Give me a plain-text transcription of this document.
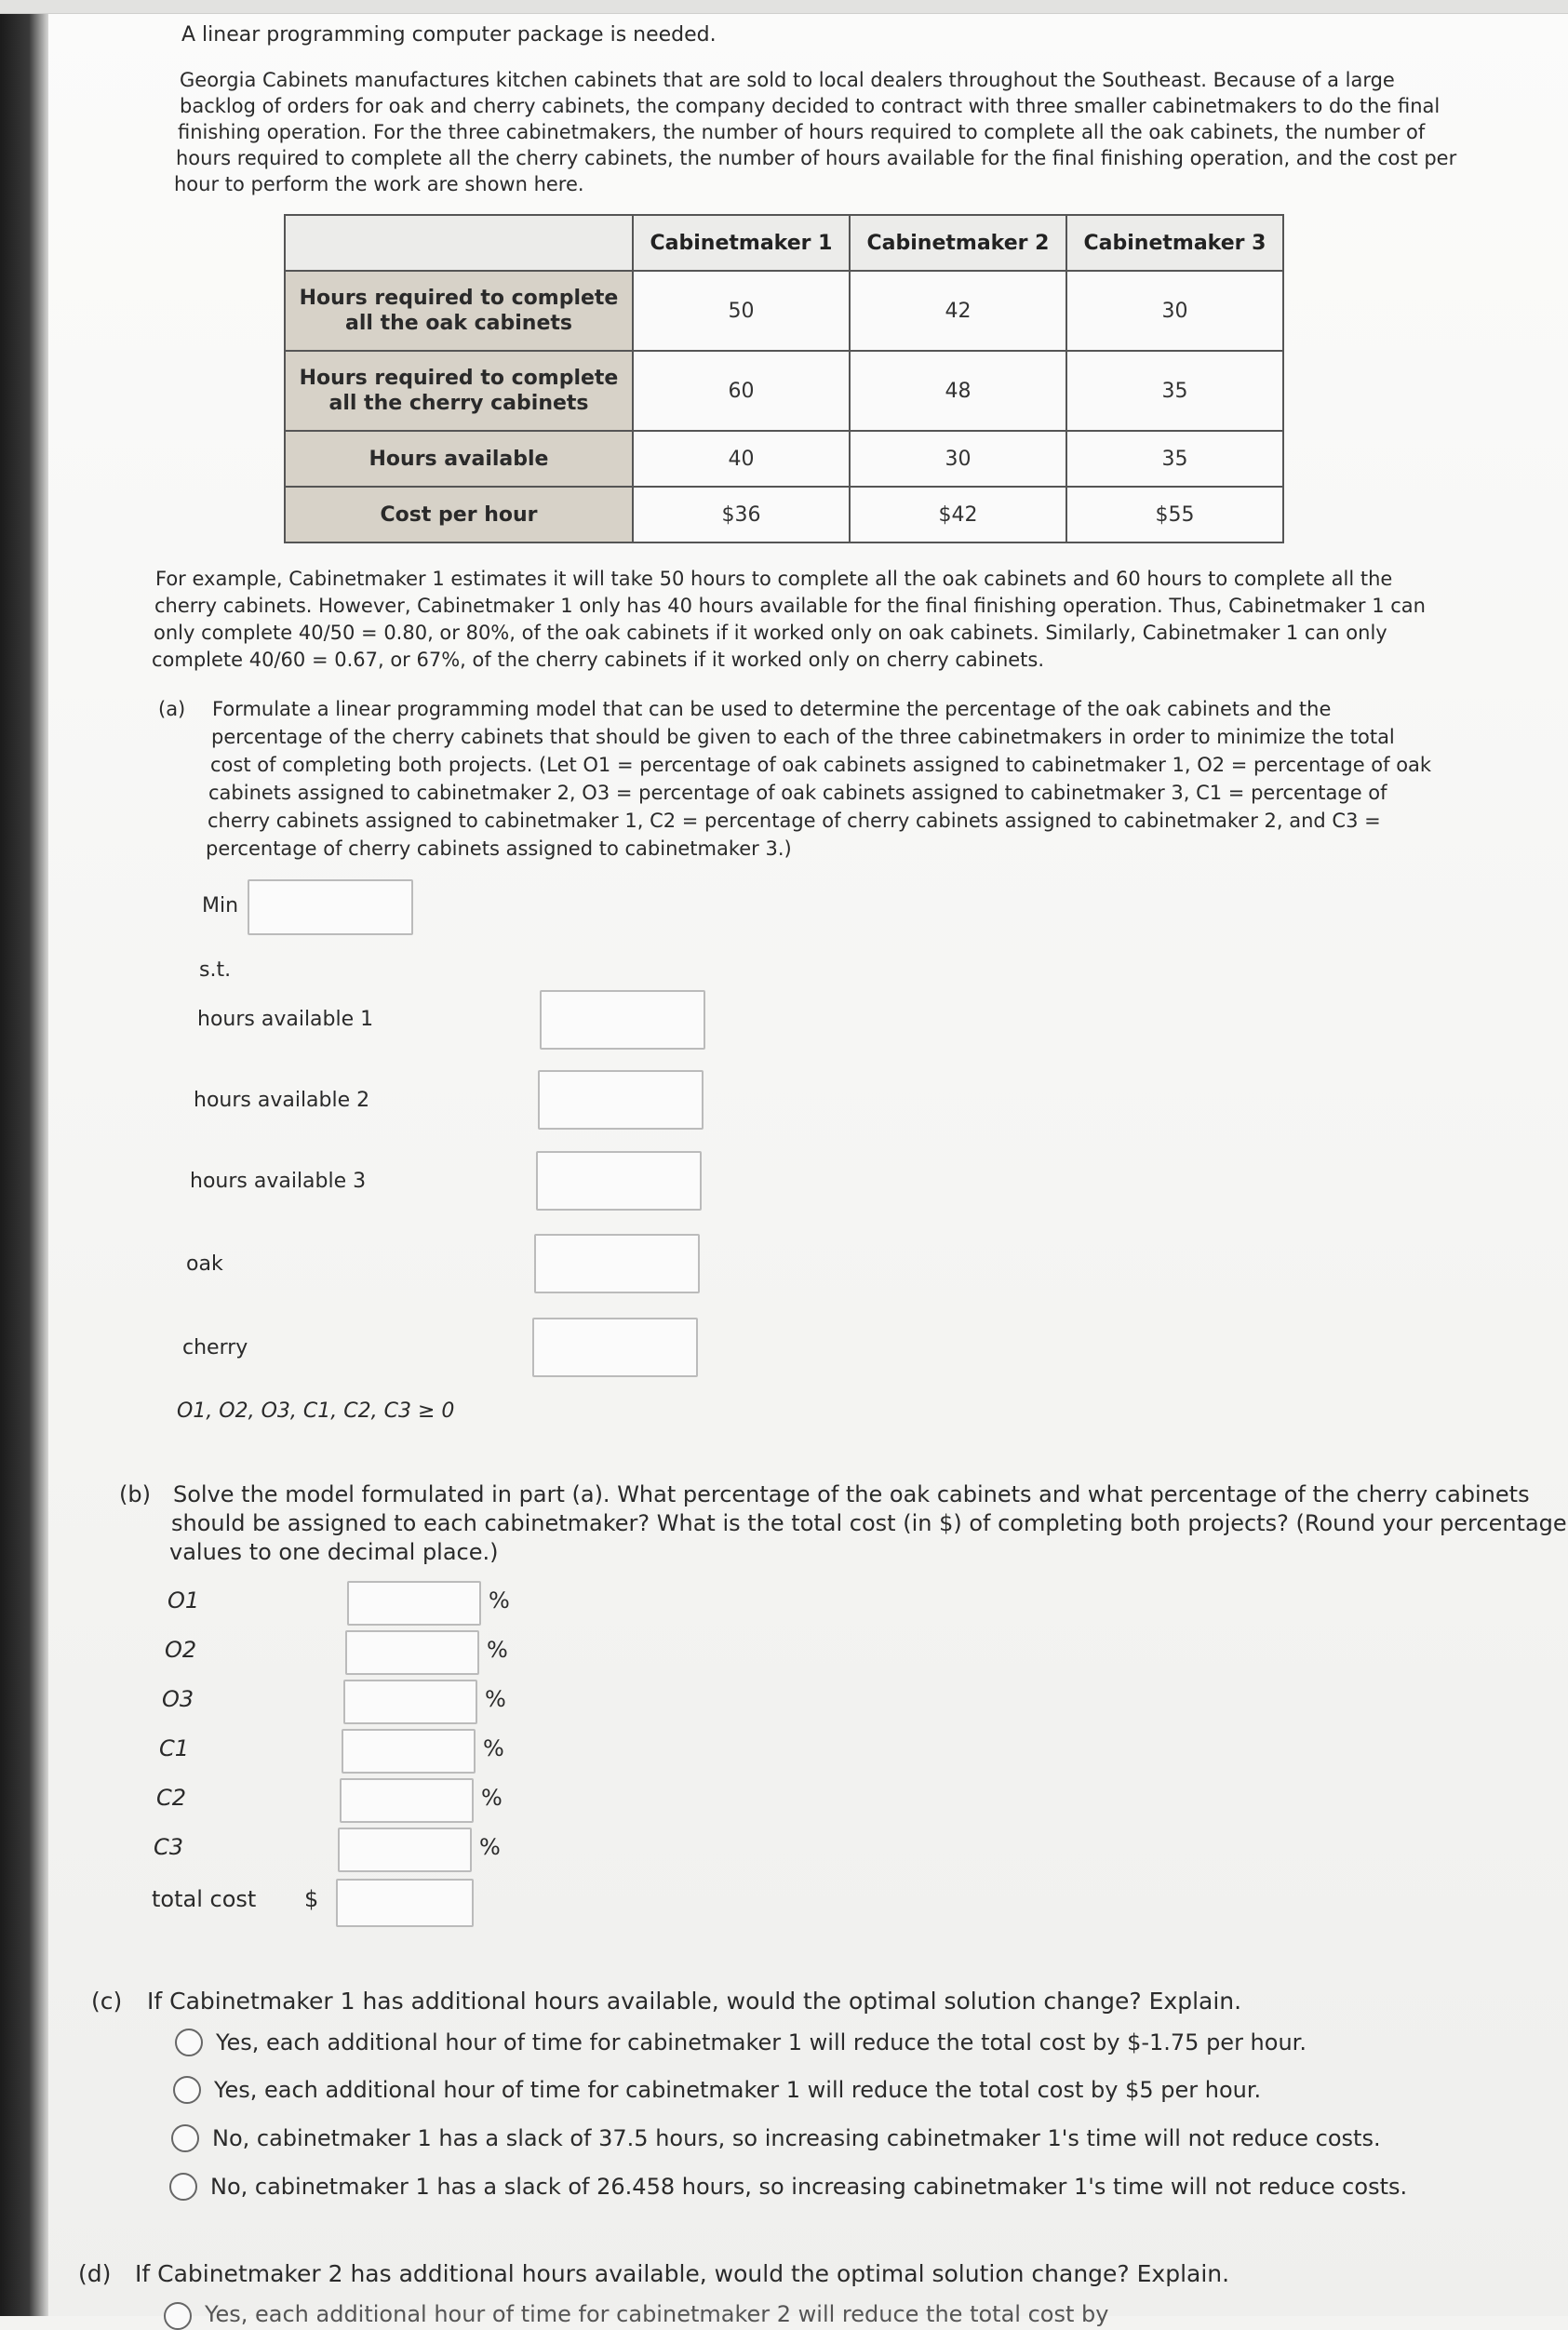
A linear programming computer package is needed.
Georgia Cabinets manufactures kitchen cabinets that are sold to local dealers throughout the Southeast. Because of a large
backlog of orders for oak and cherry cabinets, the company decided to contract with three smaller cabinetmakers to do the final
finishing operation. For the three cabinetmakers, the number of hours required to complete all the oak cabinets, the number of
hours required to complete all the cherry cabinets, the number of hours available for the final finishing operation, and the cost per
hour to perform the work are shown here.
	Cabinetmaker 1	Cabinetmaker 2	Cabinetmaker 3
Hours required to complete
all the oak cabinets	50	42	30
Hours required to complete
all the cherry cabinets	60	48	35
Hours available	40	30	35
Cost per hour	$36	$42	$55
For example, Cabinetmaker 1 estimates it will take 50 hours to complete all the oak cabinets and 60 hours to complete all the
cherry cabinets. However, Cabinetmaker 1 only has 40 hours available for the final finishing operation. Thus, Cabinetmaker 1 can
only complete 40/50 = 0.80, or 80%, of the oak cabinets if it worked only on oak cabinets. Similarly, Cabinetmaker 1 can only
complete 40/60 = 0.67, or 67%, of the cherry cabinets if it worked only on cherry cabinets.
(a) Formulate a linear programming model that can be used to determine the percentage of the oak cabinets and the
percentage of the cherry cabinets that should be given to each of the three cabinetmakers in order to minimize the total
cost of completing both projects. (Let O1 = percentage of oak cabinets assigned to cabinetmaker 1, O2 = percentage of oak
cabinets assigned to cabinetmaker 2, O3 = percentage of oak cabinets assigned to cabinetmaker 3, C1 = percentage of
cherry cabinets assigned to cabinetmaker 1, C2 = percentage of cherry cabinets assigned to cabinetmaker 2, and C3 =
percentage of cherry cabinets assigned to cabinetmaker 3.)
Min
s.t.
hours available 1
hours available 2
hours available 3
oak
cherry
O1, O2, O3, C1, C2, C3 ≥ 0
(b) Solve the model formulated in part (a). What percentage of the oak cabinets and what percentage of the cherry cabinets
should be assigned to each cabinetmaker? What is the total cost (in $) of completing both projects? (Round your percentage
values to one decimal place.)
O1	%
O2	%
O3	%
C1	%
C2	%
C3	%
total cost $
(c) If Cabinetmaker 1 has additional hours available, would the optimal solution change? Explain.
Yes, each additional hour of time for cabinetmaker 1 will reduce the total cost by $-1.75 per hour.
Yes, each additional hour of time for cabinetmaker 1 will reduce the total cost by $5 per hour.
No, cabinetmaker 1 has a slack of 37.5 hours, so increasing cabinetmaker 1's time will not reduce costs.
No, cabinetmaker 1 has a slack of 26.458 hours, so increasing cabinetmaker 1's time will not reduce costs.
(d) If Cabinetmaker 2 has additional hours available, would the optimal solution change? Explain.
Yes, each additional hour of time for cabinetmaker 2 will reduce the total cost by
